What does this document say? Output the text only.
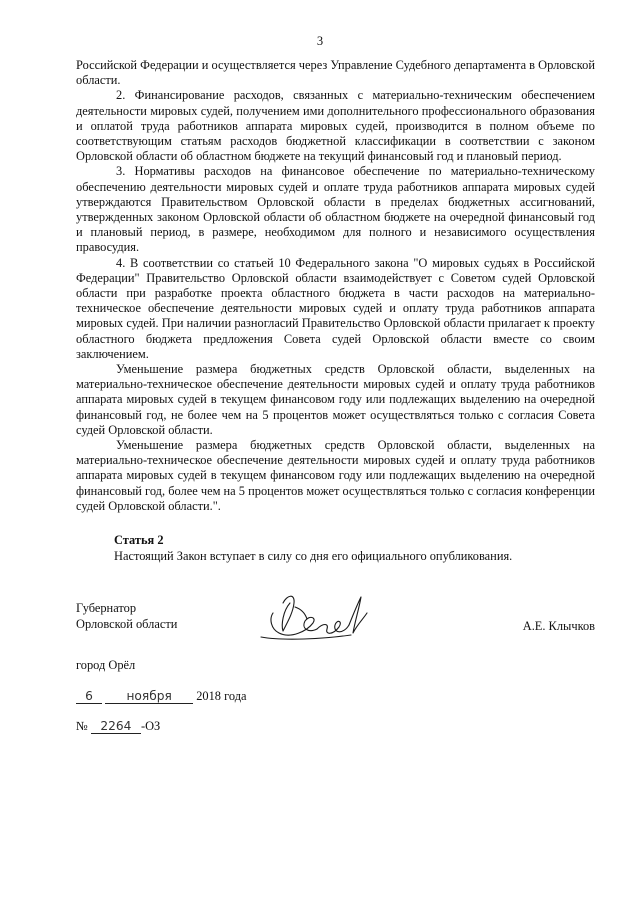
3

Российской Федерации и осуществляется через Управление Судебного департамента в Орловской области.

2. Финансирование расходов, связанных с материально-техническим обеспечением деятельности мировых судей, получением ими дополнительного профессионального образования и оплатой труда работников аппарата мировых судей, производится в полном объеме по соответствующим статьям расходов бюджетной классификации в соответствии с законом Орловской области об областном бюджете на текущий финансовый год и плановый период.

3. Нормативы расходов на финансовое обеспечение по материально-техническому обеспечению деятельности мировых судей и оплате труда работников аппарата мировых судей утверждаются Правительством Орловской области в пределах бюджетных ассигнований, утвержденных законом Орловской области об областном бюджете на очередной финансовый год и плановый период, в размере, необходимом для полного и независимого осуществления правосудия.

4. В соответствии со статьей 10 Федерального закона "О мировых судьях в Российской Федерации" Правительство Орловской области взаимодействует с Советом судей Орловской области при разработке проекта областного бюджета в части расходов на материально-техническое обеспечение деятельности мировых судей и оплату труда работников аппарата мировых судей. При наличии разногласий Правительство Орловской области прилагает к проекту областного бюджета предложения Совета судей Орловской области вместе со своим заключением.

Уменьшение размера бюджетных средств Орловской области, выделенных на материально-техническое обеспечение деятельности мировых судей и оплату труда работников аппарата мировых судей в текущем финансовом году или подлежащих выделению на очередной финансовый год, не более чем на 5 процентов может осуществляться только с согласия Совета судей Орловской области.

Уменьшение размера бюджетных средств Орловской области, выделенных на материально-техническое обеспечение деятельности мировых судей и оплату труда работников аппарата мировых судей в текущем финансовом году или подлежащих выделению на очередной финансовый год, более чем на 5 процентов может осуществляться только с согласия конференции судей Орловской области.".

Статья 2
Настоящий Закон вступает в силу со дня его официального опубликования.
Губернатор
Орловской области	А.Е. Клычков
город Орёл
6	ноября 2018 года
№ 2264 -ОЗ
